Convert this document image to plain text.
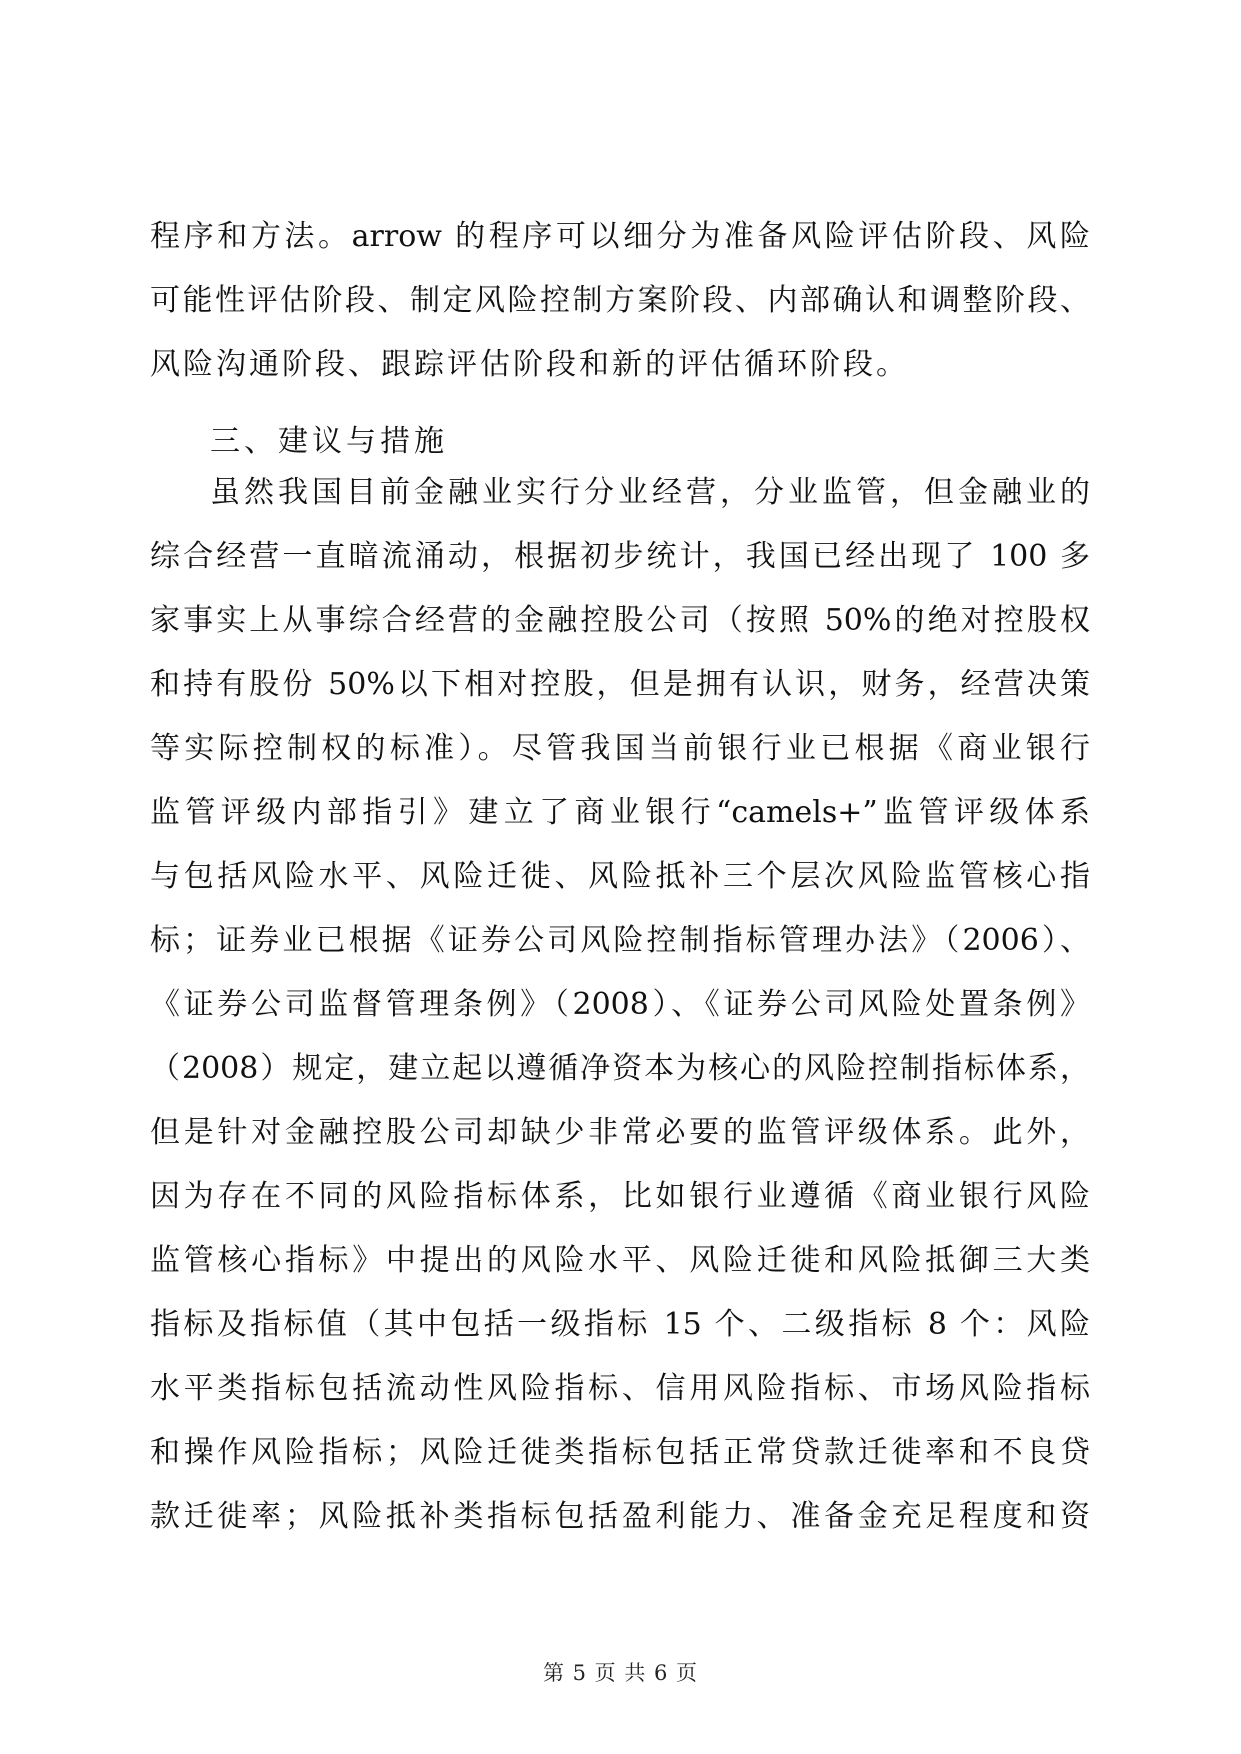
程序和方法。arrow 的程序可以细分为准备风险评估阶段、风险
可能性评估阶段、制定风险控制方案阶段、内部确认和调整阶段、
风险沟通阶段、跟踪评估阶段和新的评估循环阶段。
三、建议与措施
虽然我国目前金融业实行分业经营，分业监管，但金融业的
综合经营一直暗流涌动，根据初步统计，我国已经出现了 100 多
家事实上从事综合经营的金融控股公司（按照 50%的绝对控股权
和持有股份 50%以下相对控股，但是拥有认识，财务，经营决策
等实际控制权的标准）。尽管我国当前银行业已根据《商业银行
监管评级内部指引》建立了商业银行“camels+”监管评级体系
与包括风险水平、风险迁徙、风险抵补三个层次风险监管核心指
标；证券业已根据《证券公司风险控制指标管理办法》（2006）、
《证券公司监督管理条例》（2008）、《证券公司风险处置条例》
（2008）规定，建立起以遵循净资本为核心的风险控制指标体系，
但是针对金融控股公司却缺少非常必要的监管评级体系。此外，
因为存在不同的风险指标体系，比如银行业遵循《商业银行风险
监管核心指标》中提出的风险水平、风险迁徙和风险抵御三大类
指标及指标值（其中包括一级指标 15 个、二级指标 8 个：风险
水平类指标包括流动性风险指标、信用风险指标、市场风险指标
和操作风险指标；风险迁徙类指标包括正常贷款迁徙率和不良贷
款迁徙率；风险抵补类指标包括盈利能力、准备金充足程度和资
第 5 页 共 6 页
